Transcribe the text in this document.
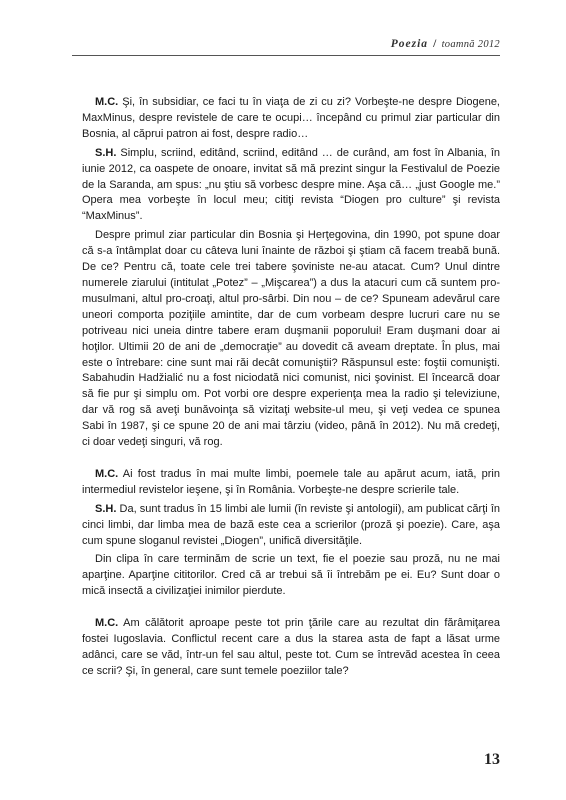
Poezia / toamnă 2012

M.C. Şi, în subsidiar, ce faci tu în viaţa de zi cu zi? Vorbeşte-ne despre Diogene, MaxMinus, despre revistele de care te ocupi… începând cu primul ziar particular din Bosnia, al căprui patron ai fost, despre radio…

S.H. Simplu, scriind, editând, scriind, editând … de curând, am fost în Albania, în iunie 2012, ca oaspete de onoare, invitat să mă prezint singur la Festivalul de Poezie de la Saranda, am spus: „nu ştiu să vorbesc despre mine. Aşa că… „just Google me.” Opera mea vorbeşte în locul meu; citiţi revista “Diogen pro culture” şi revista “MaxMinus”.

Despre primul ziar particular din Bosnia şi Herţegovina, din 1990, pot spune doar că s-a întâmplat doar cu câteva luni înainte de război şi ştiam că facem treabă bună. De ce? Pentru că, toate cele trei tabere şoviniste ne-au atacat. Cum? Unul dintre numerele ziarului (intitulat „Potez” – „Mişcarea”) a dus la atacuri cum că suntem pro-musulmani, altul pro-croaţi, altul pro-sârbi. Din nou – de ce? Spuneam adevărul care uneori comporta poziţiile amintite, dar de cum vorbeam despre lucruri care nu se potriveau nici uneia dintre tabere eram duşmanii poporului! Eram duşmani doar ai hoţilor. Ultimii 20 de ani de „democraţie” au dovedit că aveam dreptate. În plus, mai este o întrebare: cine sunt mai răi decât comuniştii? Răspunsul este: foştii comunişti. Sabahudin Hadžialić nu a fost niciodată nici comunist, nici şovinist. El încearcă doar să fie pur şi simplu om. Pot vorbi ore despre experienţa mea la radio şi televiziune, dar vă rog să aveţi bunăvoinţa să vizitaţi website-ul meu, şi veţi vedea ce spunea Sabi în 1987, şi ce spune 20 de ani mai târziu (video, până în 2012). Nu mă credeţi, ci doar vedeţi singuri, vă rog.

M.C. Ai fost tradus în mai multe limbi, poemele tale au apărut acum, iată, prin intermediul revistelor ieşene, şi în România. Vorbeşte-ne despre scrierile tale.

S.H. Da, sunt tradus în 15 limbi ale lumii (în reviste şi antologii), am publicat cărţi în cinci limbi, dar limba mea de bază este cea a scrierilor (proză şi poezie). Care, aşa cum spune sloganul revistei „Diogen”, unifică diversităţile.

Din clipa în care terminăm de scrie un text, fie el poezie sau proză, nu ne mai aparţine. Aparţine cititorilor. Cred că ar trebui să îi întrebăm pe ei. Eu? Sunt doar o mică insectă a civilizaţiei inimilor pierdute.

M.C. Am călătorit aproape peste tot prin ţările care au rezultat din fărâmiţarea fostei Iugoslavia. Conflictul recent care a dus la starea asta de fapt a lăsat urme adânci, care se văd, într-un fel sau altul, peste tot. Cum se întrevăd acestea în ceea ce scrii? Şi, în general, care sunt temele poeziilor tale?

13
